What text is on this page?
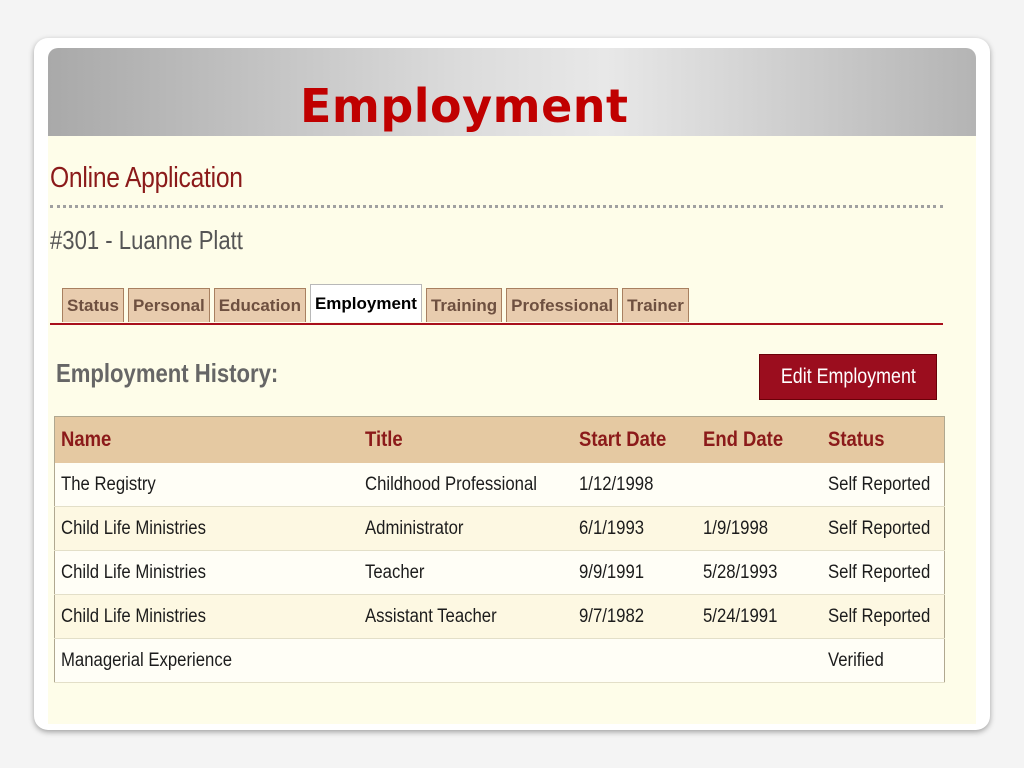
Employment
Online Application
#301 - Luanne Platt
Status Personal Education Employment Training Professional Trainer
Employment History:	Edit Employment
Name	Title	Start Date	End Date	Status
The Registry	Childhood Professional	1/12/1998		Self Reported
Child Life Ministries	Administrator	6/1/1993	1/9/1998	Self Reported
Child Life Ministries	Teacher	9/9/1991	5/28/1993	Self Reported
Child Life Ministries	Assistant Teacher	9/7/1982	5/24/1991	Self Reported
Managerial Experience				Verified
